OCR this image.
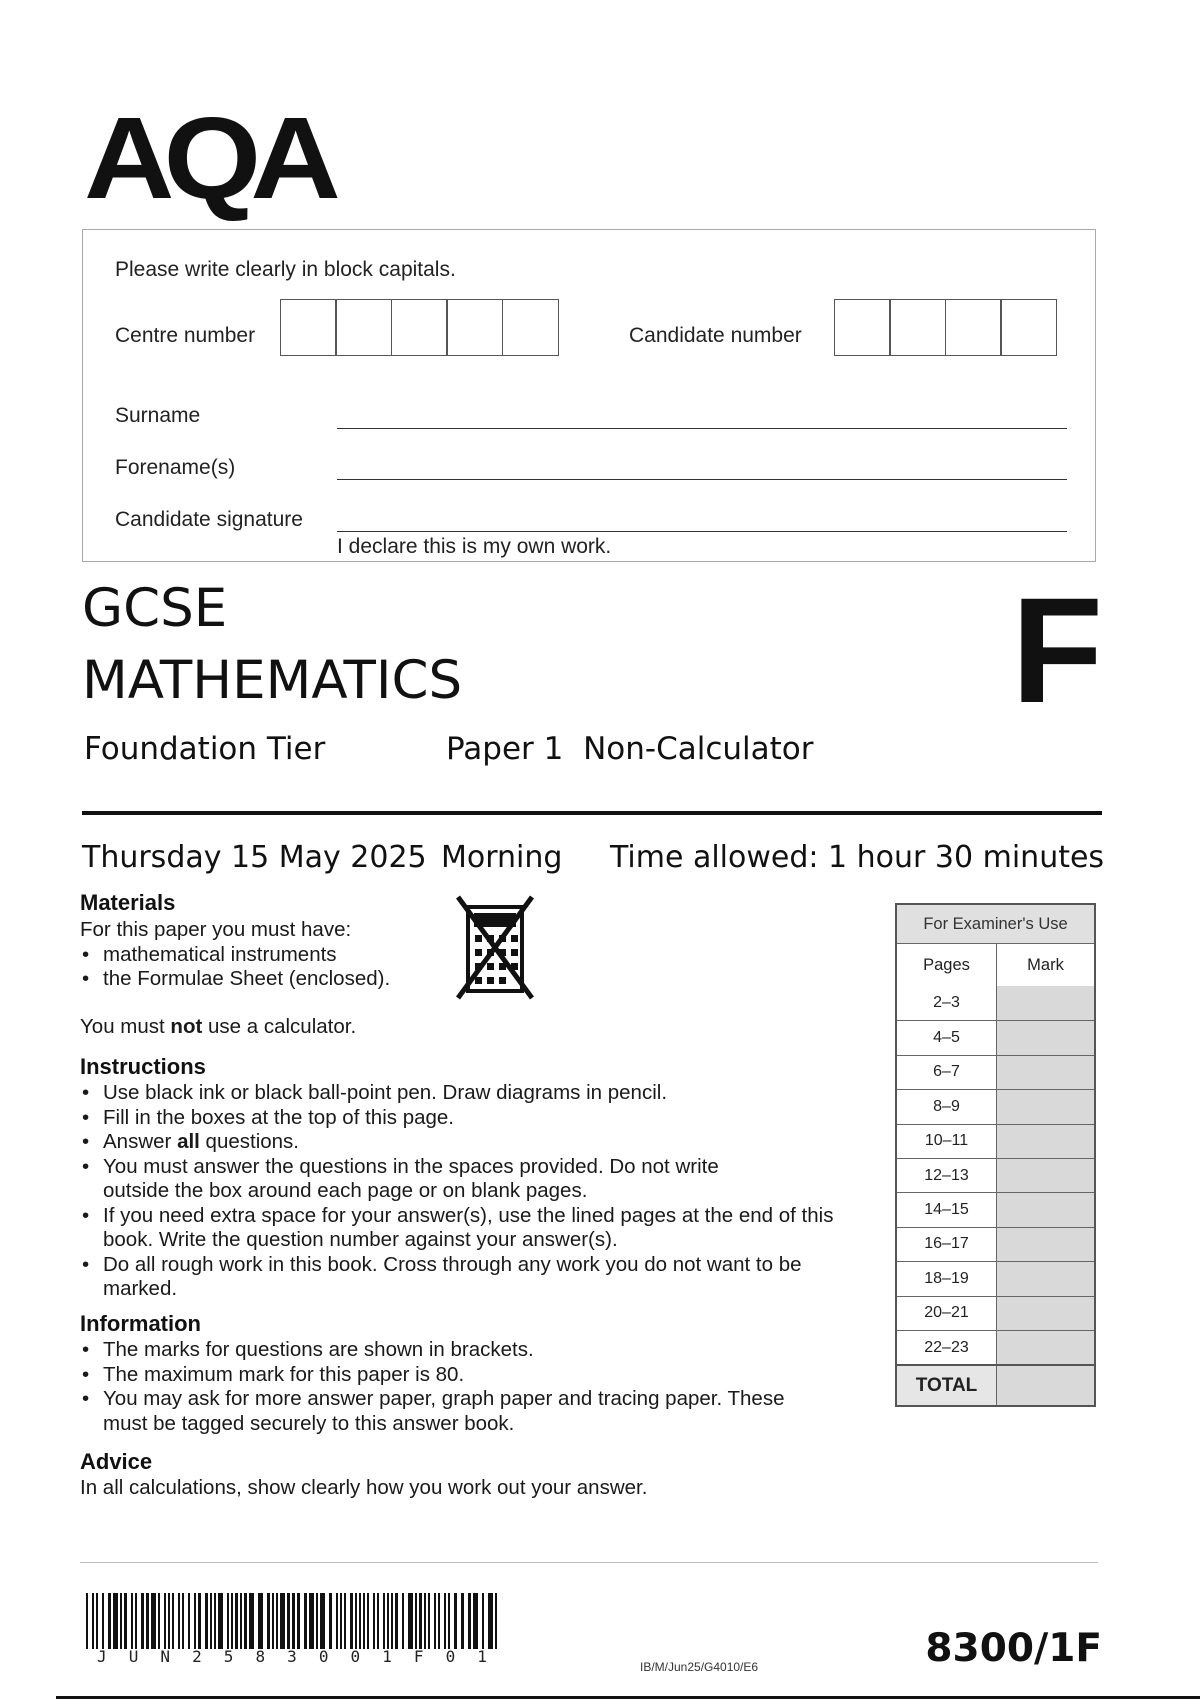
AQA
Please write clearly in block capitals.
Centre number	Candidate number
Surname
Forename(s)
Candidate signature
I declare this is my own work.
GCSE
MATHEMATICS	F
Foundation Tier	Paper 1  Non-Calculator
Thursday 15 May 2025 Morning Time allowed: 1 hour 30 minutes
Materials
For this paper you must have:
• mathematical instruments
• the Formulae Sheet (enclosed).
You must not use a calculator.
Instructions
• Use black ink or black ball-point pen. Draw diagrams in pencil.
• Fill in the boxes at the top of this page.
• Answer all questions.
• You must answer the questions in the spaces provided. Do not write outside the box around each page or on blank pages.
• If you need extra space for your answer(s), use the lined pages at the end of this book. Write the question number against your answer(s).
• Do all rough work in this book. Cross through any work you do not want to be marked.
Information
• The marks for questions are shown in brackets.
• The maximum mark for this paper is 80.
• You may ask for more answer paper, graph paper and tracing paper. These must be tagged securely to this answer book.
Advice
In all calculations, show clearly how you work out your answer.
For Examiner's Use
Pages	Mark
2–3
4–5
6–7
8–9
10–11
12–13
14–15
16–17
18–19
20–21
22–23
TOTAL
J U N 2 5 8 3 0 0 1 F 0 1
IB/M/Jun25/G4010/E6	8300/1F
